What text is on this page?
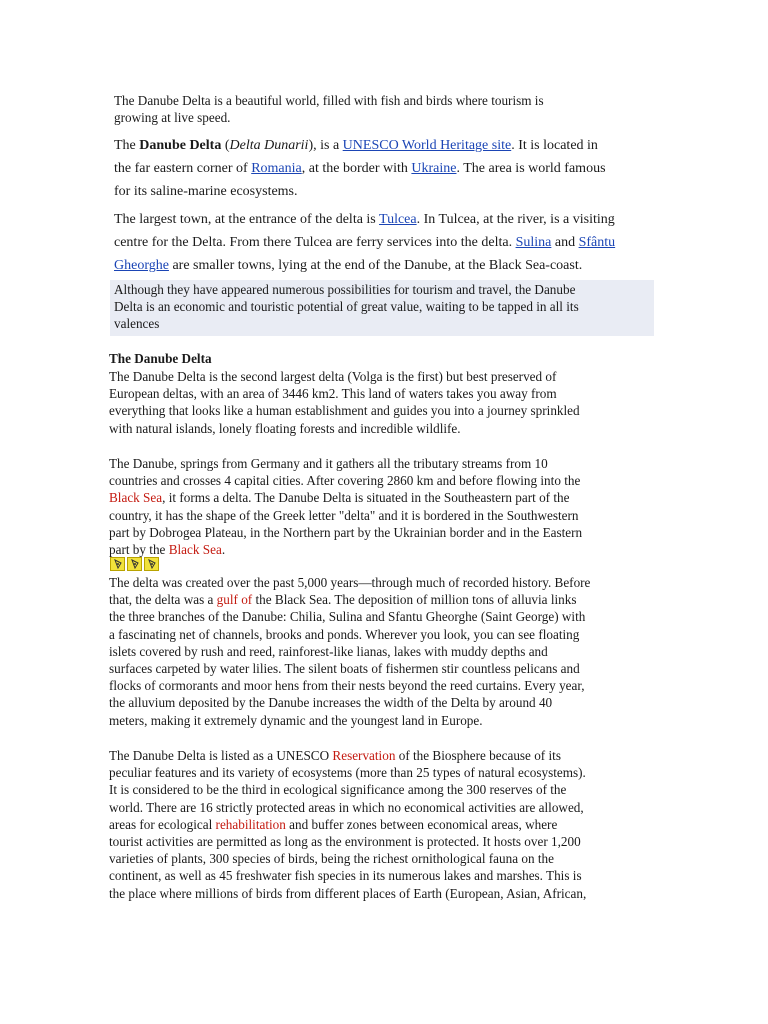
The Danube Delta is a beautiful world, filled with fish and birds where tourism is
growing at live speed.
The Danube Delta (Delta Dunarii), is a UNESCO World Heritage site. It is located in
the far eastern corner of Romania, at the border with Ukraine. The area is world famous
for its saline-marine ecosystems.
The largest town, at the entrance of the delta is Tulcea. In Tulcea, at the river, is a visiting
centre for the Delta. From there Tulcea are ferry services into the delta. Sulina and Sfântu
Gheorghe are smaller towns, lying at the end of the Danube, at the Black Sea-coast.
Although they have appeared numerous possibilities for tourism and travel, the Danube
Delta is an economic and touristic potential of great value, waiting to be tapped in all its
valences
The Danube Delta
The Danube Delta is the second largest delta (Volga is the first) but best preserved of
European deltas, with an area of 3446 km2. This land of waters takes you away from
everything that looks like a human establishment and guides you into a journey sprinkled
with natural islands, lonely floating forests and incredible wildlife.
The Danube, springs from Germany and it gathers all the tributary streams from 10
countries and crosses 4 capital cities. After covering 2860 km and before flowing into the
Black Sea, it forms a delta. The Danube Delta is situated in the Southeastern part of the
country, it has the shape of the Greek letter "delta" and it is bordered in the Southwestern
part by Dobrogea Plateau, in the Northern part by the Ukrainian border and in the Eastern
part by the Black Sea.
The delta was created over the past 5,000 years—through much of recorded history. Before
that, the delta was a gulf of the Black Sea. The deposition of million tons of alluvia links
the three branches of the Danube: Chilia, Sulina and Sfantu Gheorghe (Saint George) with
a fascinating net of channels, brooks and ponds. Wherever you look, you can see floating
islets covered by rush and reed, rainforest-like lianas, lakes with muddy depths and
surfaces carpeted by water lilies. The silent boats of fishermen stir countless pelicans and
flocks of cormorants and moor hens from their nests beyond the reed curtains. Every year,
the alluvium deposited by the Danube increases the width of the Delta by around 40
meters, making it extremely dynamic and the youngest land in Europe.
The Danube Delta is listed as a UNESCO Reservation of the Biosphere because of its
peculiar features and its variety of ecosystems (more than 25 types of natural ecosystems).
It is considered to be the third in ecological significance among the 300 reserves of the
world. There are 16 strictly protected areas in which no economical activities are allowed,
areas for ecological rehabilitation and buffer zones between economical areas, where
tourist activities are permitted as long as the environment is protected. It hosts over 1,200
varieties of plants, 300 species of birds, being the richest ornithological fauna on the
continent, as well as 45 freshwater fish species in its numerous lakes and marshes. This is
the place where millions of birds from different places of Earth (European, Asian, African,
